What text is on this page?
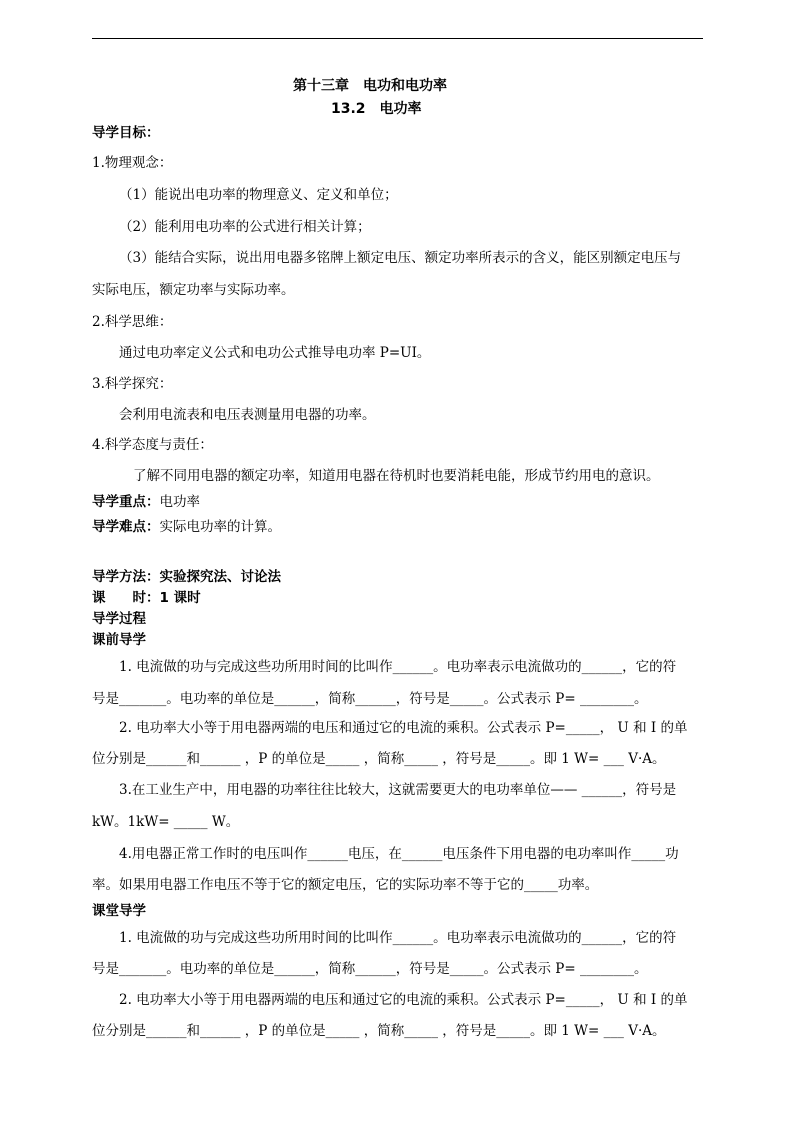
第十三章　电功和电功率
13.2　电功率
导学目标：
1.物理观念：
（1）能说出电功率的物理意义、定义和单位；
（2）能利用电功率的公式进行相关计算；
（3）能结合实际，说出用电器多铭牌上额定电压、额定功率所表示的含义，能区别额定电压与
实际电压，额定功率与实际功率。
2.科学思维：
通过电功率定义公式和电功公式推导电功率 P=UI。
3.科学探究：
会利用电流表和电压表测量用电器的功率。
4.科学态度与责任：
了解不同用电器的额定功率，知道用电器在待机时也要消耗电能，形成节约用电的意识。
导学重点：电功率
导学难点：实际电功率的计算。
导学方法：实验探究法、讨论法
课　　时：1 课时
导学过程
课前导学
1. 电流做的功与完成这些功所用时间的比叫作______。电功率表示电流做功的______，它的符
号是_______。电功率的单位是______，简称______，符号是_____。公式表示 P= ________。
2. 电功率大小等于用电器两端的电压和通过它的电流的乘积。公式表示 P=_____， U 和 I 的单
位分别是______和______ ，P 的单位是_____ ，简称_____ ，符号是_____。即 1 W= ___ V·A。
3.在工业生产中，用电器的功率往往比较大，这就需要更大的电功率单位—— ______，符号是
kW。1kW= _____ W。
4.用电器正常工作时的电压叫作______电压，在______电压条件下用电器的电功率叫作_____功
率。如果用电器工作电压不等于它的额定电压，它的实际功率不等于它的_____功率。
课堂导学
1. 电流做的功与完成这些功所用时间的比叫作______。电功率表示电流做功的______，它的符
号是_______。电功率的单位是______，简称______，符号是_____。公式表示 P= ________。
2. 电功率大小等于用电器两端的电压和通过它的电流的乘积。公式表示 P=_____， U 和 I 的单
位分别是______和______ ，P 的单位是_____ ，简称_____ ，符号是_____。即 1 W= ___ V·A。
